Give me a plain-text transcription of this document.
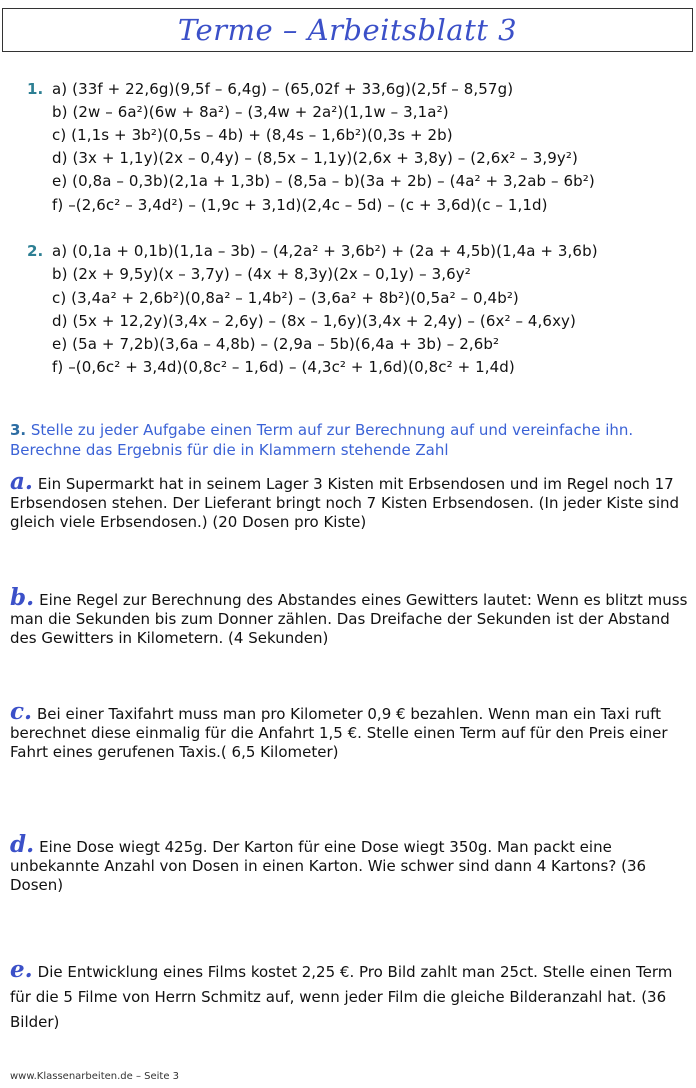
Terme – Arbeitsblatt 3
1. a) (33f + 22,6g)(9,5f – 6,4g) – (65,02f + 33,6g)(2,5f – 8,57g)
b) (2w – 6a²)(6w + 8a²) – (3,4w + 2a²)(1,1w – 3,1a²)
c) (1,1s + 3b²)(0,5s – 4b) + (8,4s – 1,6b²)(0,3s + 2b)
d) (3x + 1,1y)(2x – 0,4y) – (8,5x – 1,1y)(2,6x + 3,8y) – (2,6x² – 3,9y²)
e) (0,8a – 0,3b)(2,1a + 1,3b) – (8,5a – b)(3a + 2b) – (4a² + 3,2ab – 6b²)
f) –(2,6c² – 3,4d²) – (1,9c + 3,1d)(2,4c – 5d) – (c + 3,6d)(c – 1,1d)
2. a) (0,1a + 0,1b)(1,1a – 3b) – (4,2a² + 3,6b²) + (2a + 4,5b)(1,4a + 3,6b)
b) (2x + 9,5y)(x – 3,7y) – (4x + 8,3y)(2x – 0,1y) – 3,6y²
c) (3,4a² + 2,6b²)(0,8a² – 1,4b²) – (3,6a² + 8b²)(0,5a² – 0,4b²)
d) (5x + 12,2y)(3,4x – 2,6y) – (8x – 1,6y)(3,4x + 2,4y) – (6x² – 4,6xy)
e) (5a + 7,2b)(3,6a – 4,8b) – (2,9a – 5b)(6,4a + 3b) – 2,6b²
f) –(0,6c² + 3,4d)(0,8c² – 1,6d) – (4,3c² + 1,6d)(0,8c² + 1,4d)
3. Stelle zu jeder Aufgabe einen Term auf zur Berechnung auf und vereinfache ihn. Berechne das Ergebnis für die in Klammern stehende Zahl
a. Ein Supermarkt hat in seinem Lager 3 Kisten mit Erbsendosen und im Regel noch 17 Erbsendosen stehen. Der Lieferant bringt noch 7 Kisten Erbsendosen. (In jeder Kiste sind gleich viele Erbsendosen.) (20 Dosen pro Kiste)
b. Eine Regel zur Berechnung des Abstandes eines Gewitters lautet: Wenn es blitzt muss man die Sekunden bis zum Donner zählen. Das Dreifache der Sekunden ist der Abstand des Gewitters in Kilometern. (4 Sekunden)
c. Bei einer Taxifahrt muss man pro Kilometer 0,9 € bezahlen. Wenn man ein Taxi ruft berechnet diese einmalig für die Anfahrt 1,5 €. Stelle einen Term auf für den Preis einer Fahrt eines gerufenen Taxis.( 6,5 Kilometer)
d. Eine Dose wiegt 425g. Der Karton für eine Dose wiegt 350g. Man packt eine unbekannte Anzahl von Dosen in einen Karton. Wie schwer sind dann 4 Kartons? (36 Dosen)
e. Die Entwicklung eines Films kostet 2,25 €. Pro Bild zahlt man 25ct. Stelle einen Term für die 5 Filme von Herrn Schmitz auf, wenn jeder Film die gleiche Bilderanzahl hat. (36 Bilder)
www.Klassenarbeiten.de – Seite 3
